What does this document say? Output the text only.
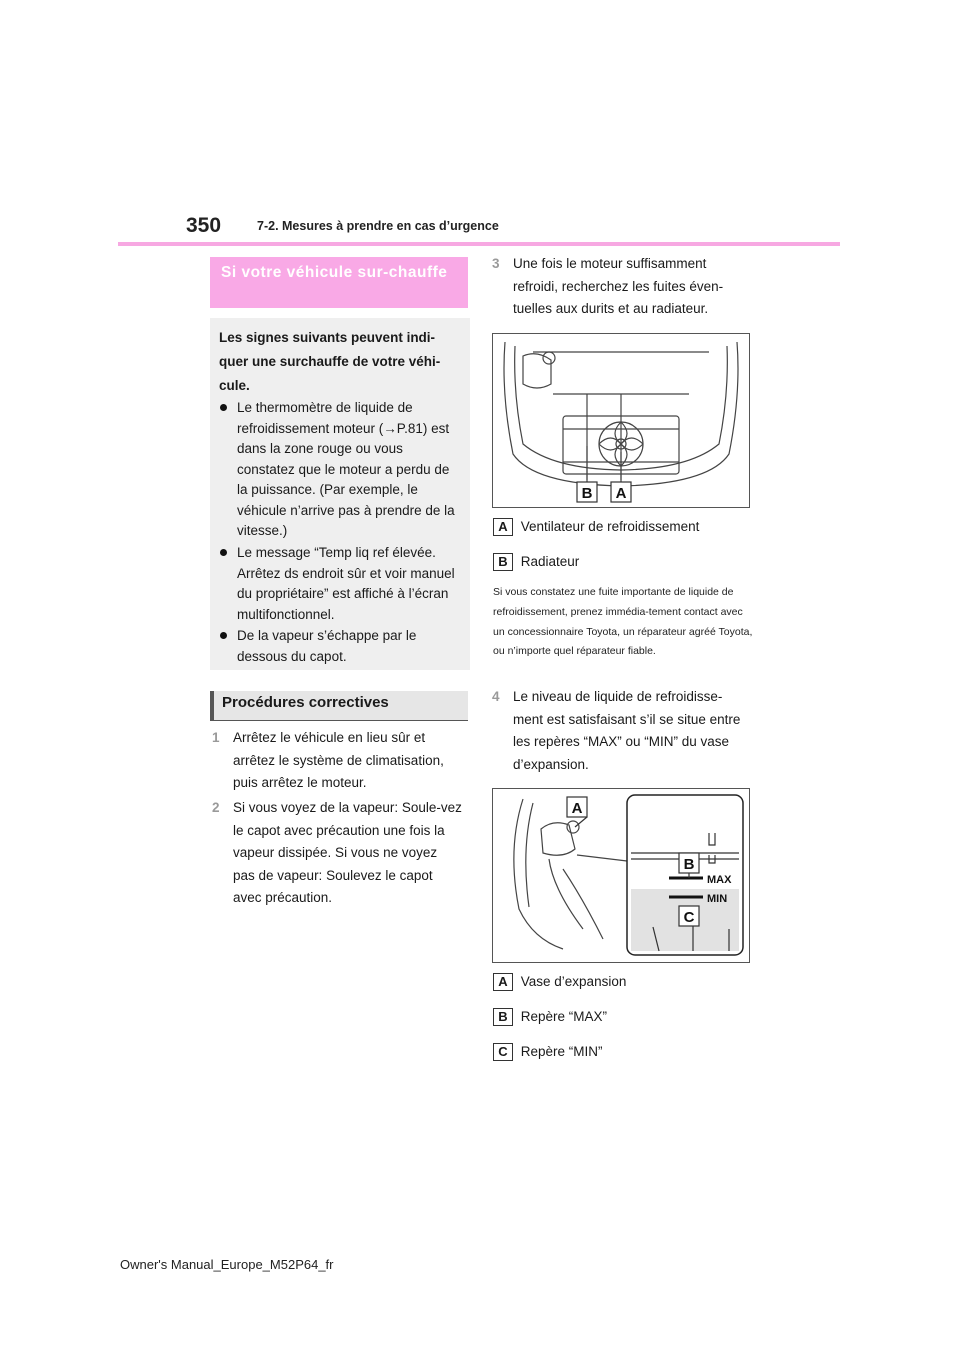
350	7-2. Mesures à prendre en cas d’urgence
Si votre véhicule sur-chauffe
Les signes suivants peuvent indi-quer une surchauffe de votre véhi-cule.
Le thermomètre de liquide de refroidissement moteur (→P.81) est dans la zone rouge ou vous constatez que le moteur a perdu de la puissance. (Par exemple, le véhicule n’arrive pas à prendre de la vitesse.)
Le message “Temp liq ref élevée. Arrêtez ds endroit sûr et voir manuel du propriétaire” est affiché à l’écran multifonctionnel.
De la vapeur s’échappe par le dessous du capot.
Procédures correctives
1 Arrêtez le véhicule en lieu sûr et arrêtez le système de climatisation, puis arrêtez le moteur.
2 Si vous voyez de la vapeur: Soule-vez le capot avec précaution une fois la vapeur dissipée. Si vous ne voyez pas de vapeur: Soulevez le capot avec précaution.
3 Une fois le moteur suffisamment refroidi, recherchez les fuites éven-tuelles aux durits et au radiateur.
B A
A Ventilateur de refroidissement
B Radiateur
Si vous constatez une fuite importante de liquide de refroidissement, prenez immédia-tement contact avec un concessionnaire Toyota, un réparateur agréé Toyota, ou n’importe quel réparateur fiable.
4 Le niveau de liquide de refroidisse-ment est satisfaisant s’il se situe entre les repères “MAX” ou “MIN” du vase d’expansion.
MAX
MIN
A
B
C
A Vase d’expansion
B Repère “MAX”
C Repère “MIN”
Owner's Manual_Europe_M52P64_fr
